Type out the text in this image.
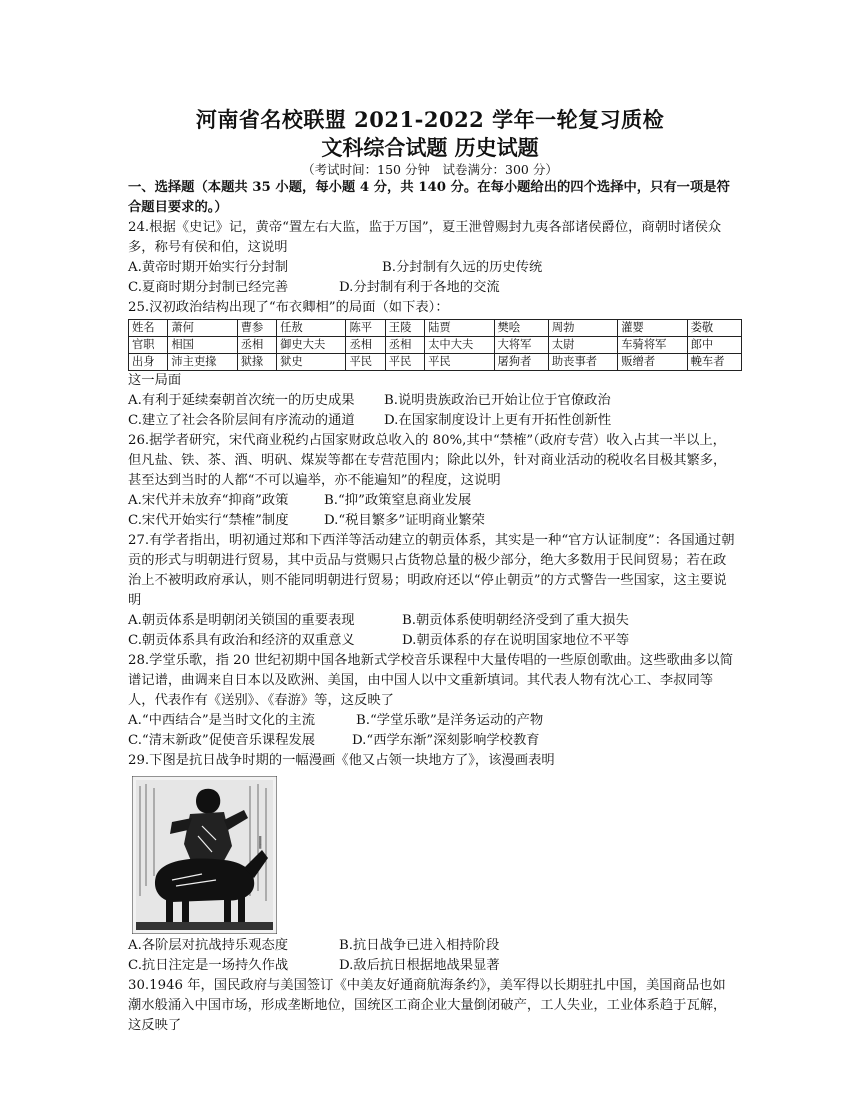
河南省名校联盟 2021-2022 学年一轮复习质检
文科综合试题 历史试题
（考试时间：150 分钟　试卷满分：300 分）

一、选择题（本题共 35 小题，每小题 4 分，共 140 分。在每小题给出的四个选择中，只有一项是符合题目要求的。）

24.根据《史记》记，黄帝“置左右大监，监于万国”，夏王泄曾赐封九夷各部诸侯爵位，商朝时诸侯众多，称号有侯和伯，这说明

A.黄帝时期开始实行分封制	B.分封制有久远的历史传统
C.夏商时期分封制已经完善	D.分封制有利于各地的交流

25.汉初政治结构出现了“布衣卿相”的局面（如下表）：

姓名	萧何	曹参	任敖	陈平	王陵	陆贾	樊哙	周勃	灌婴	娄敬
官职	相国	丞相	御史大夫	丞相	丞相	太中大夫	大将军	太尉	车骑将军	郎中
出身	沛主吏掾	狱掾	狱史	平民	平民	平民	屠狗者	助丧事者	贩缯者	輓车者

这一局面

A.有利于延续秦朝首次统一的历史成果 B.说明贵族政治已开始让位于官僚政治
C.建立了社会各阶层间有序流动的通道 D.在国家制度设计上更有开拓性创新性

26.据学者研究，宋代商业税约占国家财政总收入的 80%,其中“禁榷”（政府专营）收入占其一半以上，但凡盐、铁、茶、酒、明矾、煤炭等都在专营范围内；除此以外，针对商业活动的税收名目极其繁多，甚至达到当时的人都“不可以遍举，亦不能遍知”的程度，这说明

A.宋代并未放弃“抑商”政策	B.“抑”政策窒息商业发展
C.宋代开始实行“禁榷”制度	D.“税目繁多”证明商业繁荣

27.有学者指出，明初通过郑和下西洋等活动建立的朝贡体系，其实是一种“官方认证制度”：各国通过朝贡的形式与明朝进行贸易，其中贡品与赏赐只占货物总量的极少部分，绝大多数用于民间贸易；若在政治上不被明政府承认，则不能同明朝进行贸易；明政府还以“停止朝贡”的方式警告一些国家，这主要说明

A.朝贡体系是明朝闭关锁国的重要表现	B.朝贡体系使明朝经济受到了重大损失
C.朝贡体系具有政治和经济的双重意义	D.朝贡体系的存在说明国家地位不平等

28.学堂乐歌，指 20 世纪初期中国各地新式学校音乐课程中大量传唱的一些原创歌曲。这些歌曲多以简谱记谱，曲调来自日本以及欧洲、美国，由中国人以中文重新填词。其代表人物有沈心工、李叔同等人，代表作有《送别》、《春游》等，这反映了

A.“中西结合”是当时文化的主流	B.“学堂乐歌”是洋务运动的产物
C.“清末新政”促使音乐课程发展	D.“西学东渐”深刻影响学校教育

29.下图是抗日战争时期的一幅漫画《他又占领一块地方了》，该漫画表明

═══
A.各阶层对抗战持乐观态度	B.抗日战争已进入相持阶段
C.抗日注定是一场持久作战	D.敌后抗日根据地战果显著

30.1946 年，国民政府与美国签订《中美友好通商航海条约》，美军得以长期驻扎中国，美国商品也如潮水般涌入中国市场，形成垄断地位，国统区工商企业大量倒闭破产，工人失业，工业体系趋于瓦解，这反映了
